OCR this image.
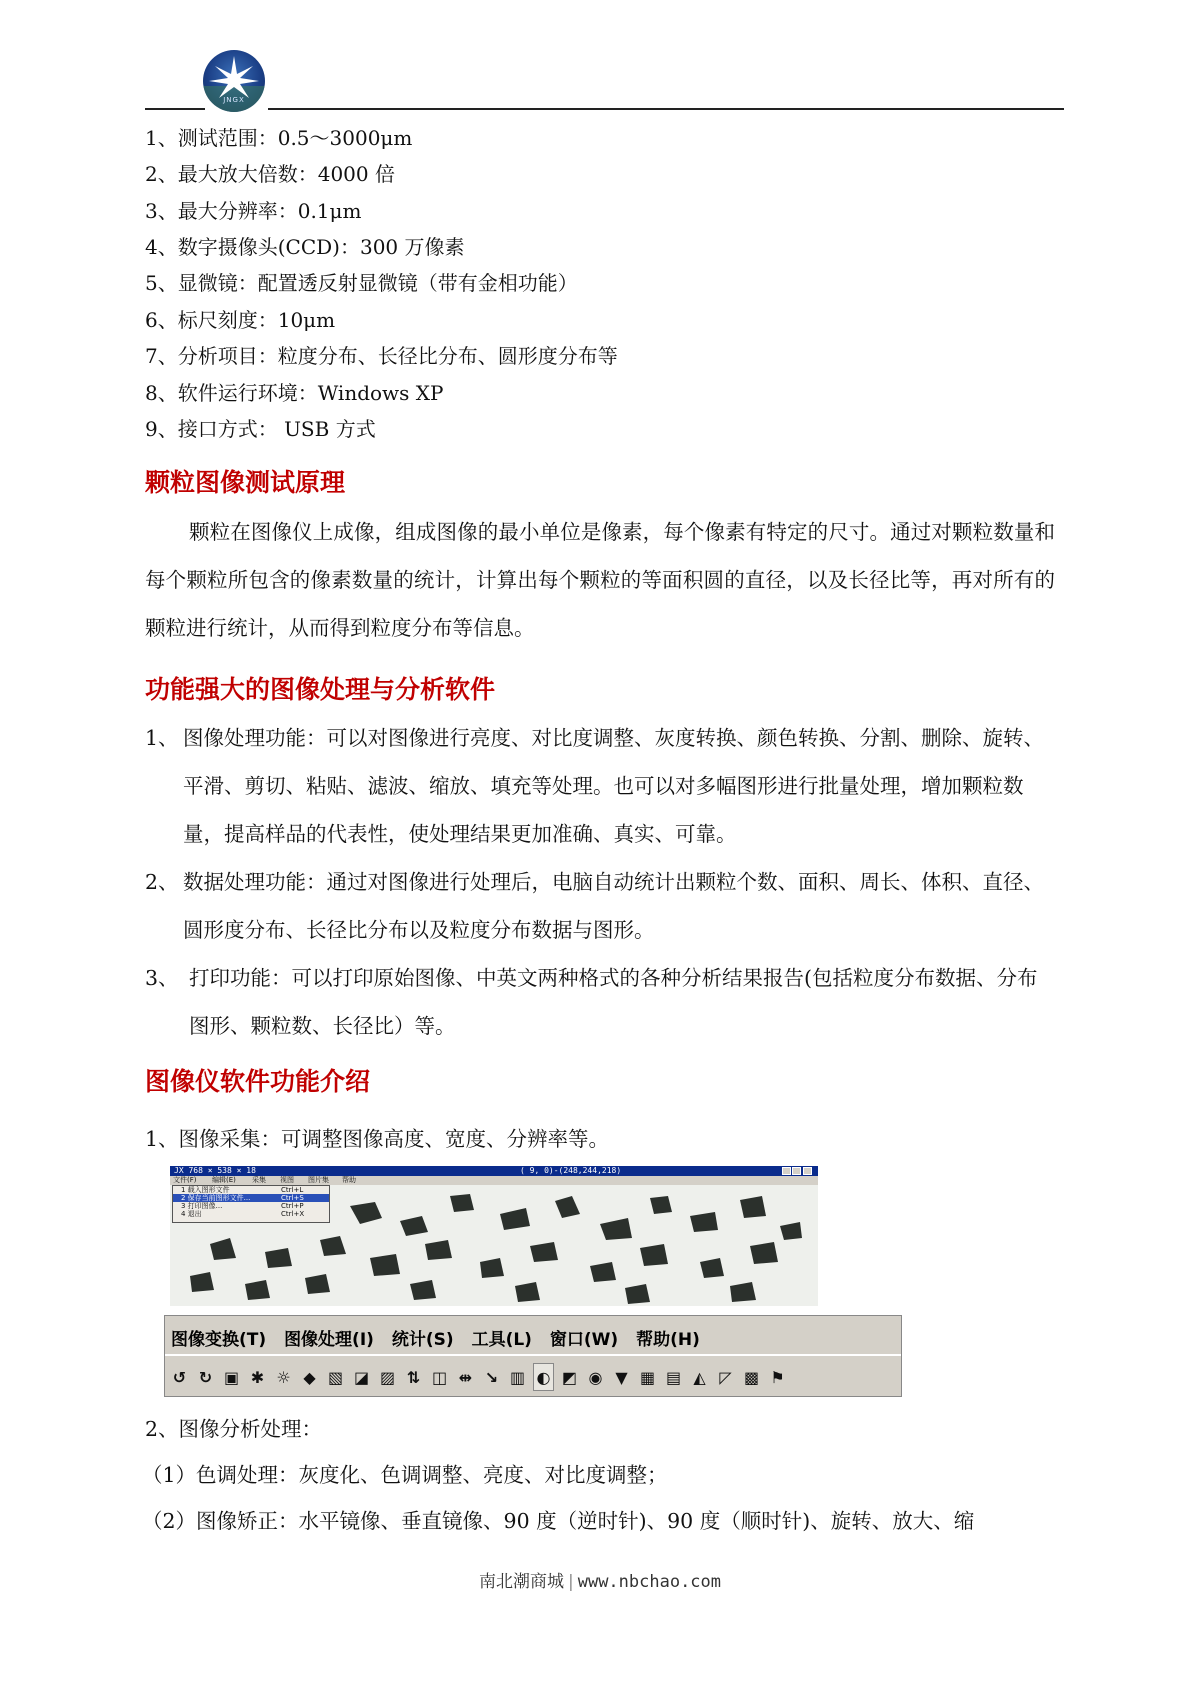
JNGX
1、测试范围：0.5～3000μm
2、最大放大倍数：4000 倍
3、最大分辨率：0.1μm
4、数字摄像头(CCD)：300 万像素
5、显微镜：配置透反射显微镜（带有金相功能）
6、标尺刻度：10μm
7、分析项目：粒度分布、长径比分布、圆形度分布等
8、软件运行环境：Windows XP
9、接口方式： USB 方式
颗粒图像测试原理

颗粒在图像仪上成像，组成图像的最小单位是像素，每个像素有特定的尺寸。通过对颗粒数量和每个颗粒所包含的像素数量的统计，计算出每个颗粒的等面积圆的直径，以及长径比等，再对所有的颗粒进行统计，从而得到粒度分布等信息。

功能强大的图像处理与分析软件
1、 图像处理功能：可以对图像进行亮度、对比度调整、灰度转换、颜色转换、分割、删除、旋转、平滑、剪切、粘贴、滤波、缩放、填充等处理。也可以对多幅图形进行批量处理，增加颗粒数量，提高样品的代表性，使处理结果更加准确、真实、可靠。
2、 数据处理功能：通过对图像进行处理后，电脑自动统计出颗粒个数、面积、周长、体积、直径、圆形度分布、长径比分布以及粒度分布数据与图形。
3、 打印功能：可以打印原始图像、中英文两种格式的各种分析结果报告(包括粒度分布数据、分布图形、颗粒数、长径比）等。
图像仪软件功能介绍
1、图像采集：可调整图像高度、宽度、分辨率等。
JX 768 × 538 × 18	( 9, 0)-(248,244,218)
文件(F) 编辑(E) 采集 视图 图片集 帮助
1 载入图形文件	Ctrl+L
2 保存当前图形文件...	Ctrl+S
3 打印图像...	Ctrl+P
4 退出	Ctrl+X
图像变换(T) 图像处理(I) 统计(S) 工具(L) 窗口(W) 帮助(H)
↺ ↻ ▣ ✱ ☼ ◆ ▧ ◪ ▨ ⇅ ◫ ⇹ ↘ ▥ ◐ ◩ ◉ ▼ ▦ ▤ ◭ ◸ ▩ ⚑
2、图像分析处理：
（1）色调处理：灰度化、色调调整、亮度、对比度调整；
（2）图像矫正：水平镜像、垂直镜像、90 度（逆时针)、90 度（顺时针)、旋转、放大、缩
南北潮商城 | www.nbchao.com
